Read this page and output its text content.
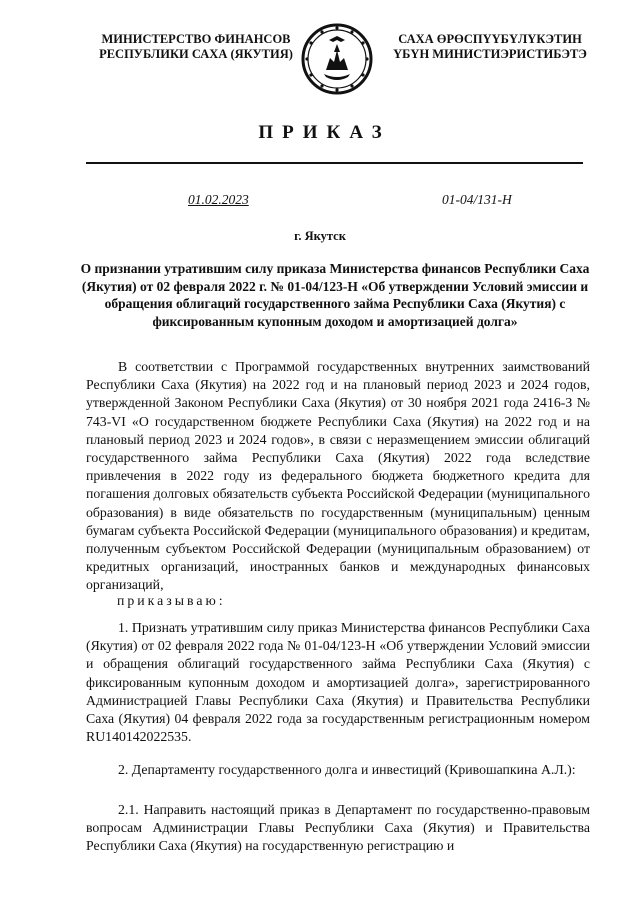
МИНИСТЕРСТВО ФИНАНСОВ
РЕСПУБЛИКИ САХА (ЯКУТИЯ)
САХА ӨРӨСПҮҮБҮЛҮКЭТИН
ҮБҮН МИНИСТИЭРИСТИБЭТЭ
ПРИКАЗ
01.02.2023	01-04/131-Н
г. Якутск
О признании утратившим силу приказа Министерства финансов Республики Саха (Якутия) от 02 февраля 2022 г. № 01-04/123-Н «Об утверждении Условий эмиссии и обращения облигаций государственного займа Республики Саха (Якутия) с фиксированным купонным доходом и амортизацией долга»
В соответствии с Программой государственных внутренних заимствований Республики Саха (Якутия) на 2022 год и на плановый период 2023 и 2024 годов, утвержденной Законом Республики Саха (Якутия) от 30 ноября 2021 года 2416-З № 743-VI «О государственном бюджете Республики Саха (Якутия) на 2022 год и на плановый период 2023 и 2024 годов», в связи с неразмещением эмиссии облигаций государственного займа Республики Саха (Якутия) 2022 года вследствие привлечения в 2022 году из федерального бюджета бюджетного кредита для погашения долговых обязательств субъекта Российской Федерации (муниципального образования) в виде обязательств по государственным (муниципальным) ценным бумагам субъекта Российской Федерации (муниципального образования) и кредитам, полученным субъектом Российской Федерации (муниципальным образованием) от кредитных организаций, иностранных банков и международных финансовых организаций,
приказываю:
1. Признать утратившим силу приказ Министерства финансов Республики Саха (Якутия) от 02 февраля 2022 года № 01-04/123-Н «Об утверждении Условий эмиссии и обращения облигаций государственного займа Республики Саха (Якутия) с фиксированным купонным доходом и амортизацией долга», зарегистрированного Администрацией Главы Республики Саха (Якутия) и Правительства Республики Саха (Якутия) 04 февраля 2022 года за государственным регистрационным номером RU140142022535.
2. Департаменту государственного долга и инвестиций (Кривошапкина А.Л.):
2.1. Направить настоящий приказ в Департамент по государственно-правовым вопросам Администрации Главы Республики Саха (Якутия) и Правительства Республики Саха (Якутия) на государственную регистрацию и
